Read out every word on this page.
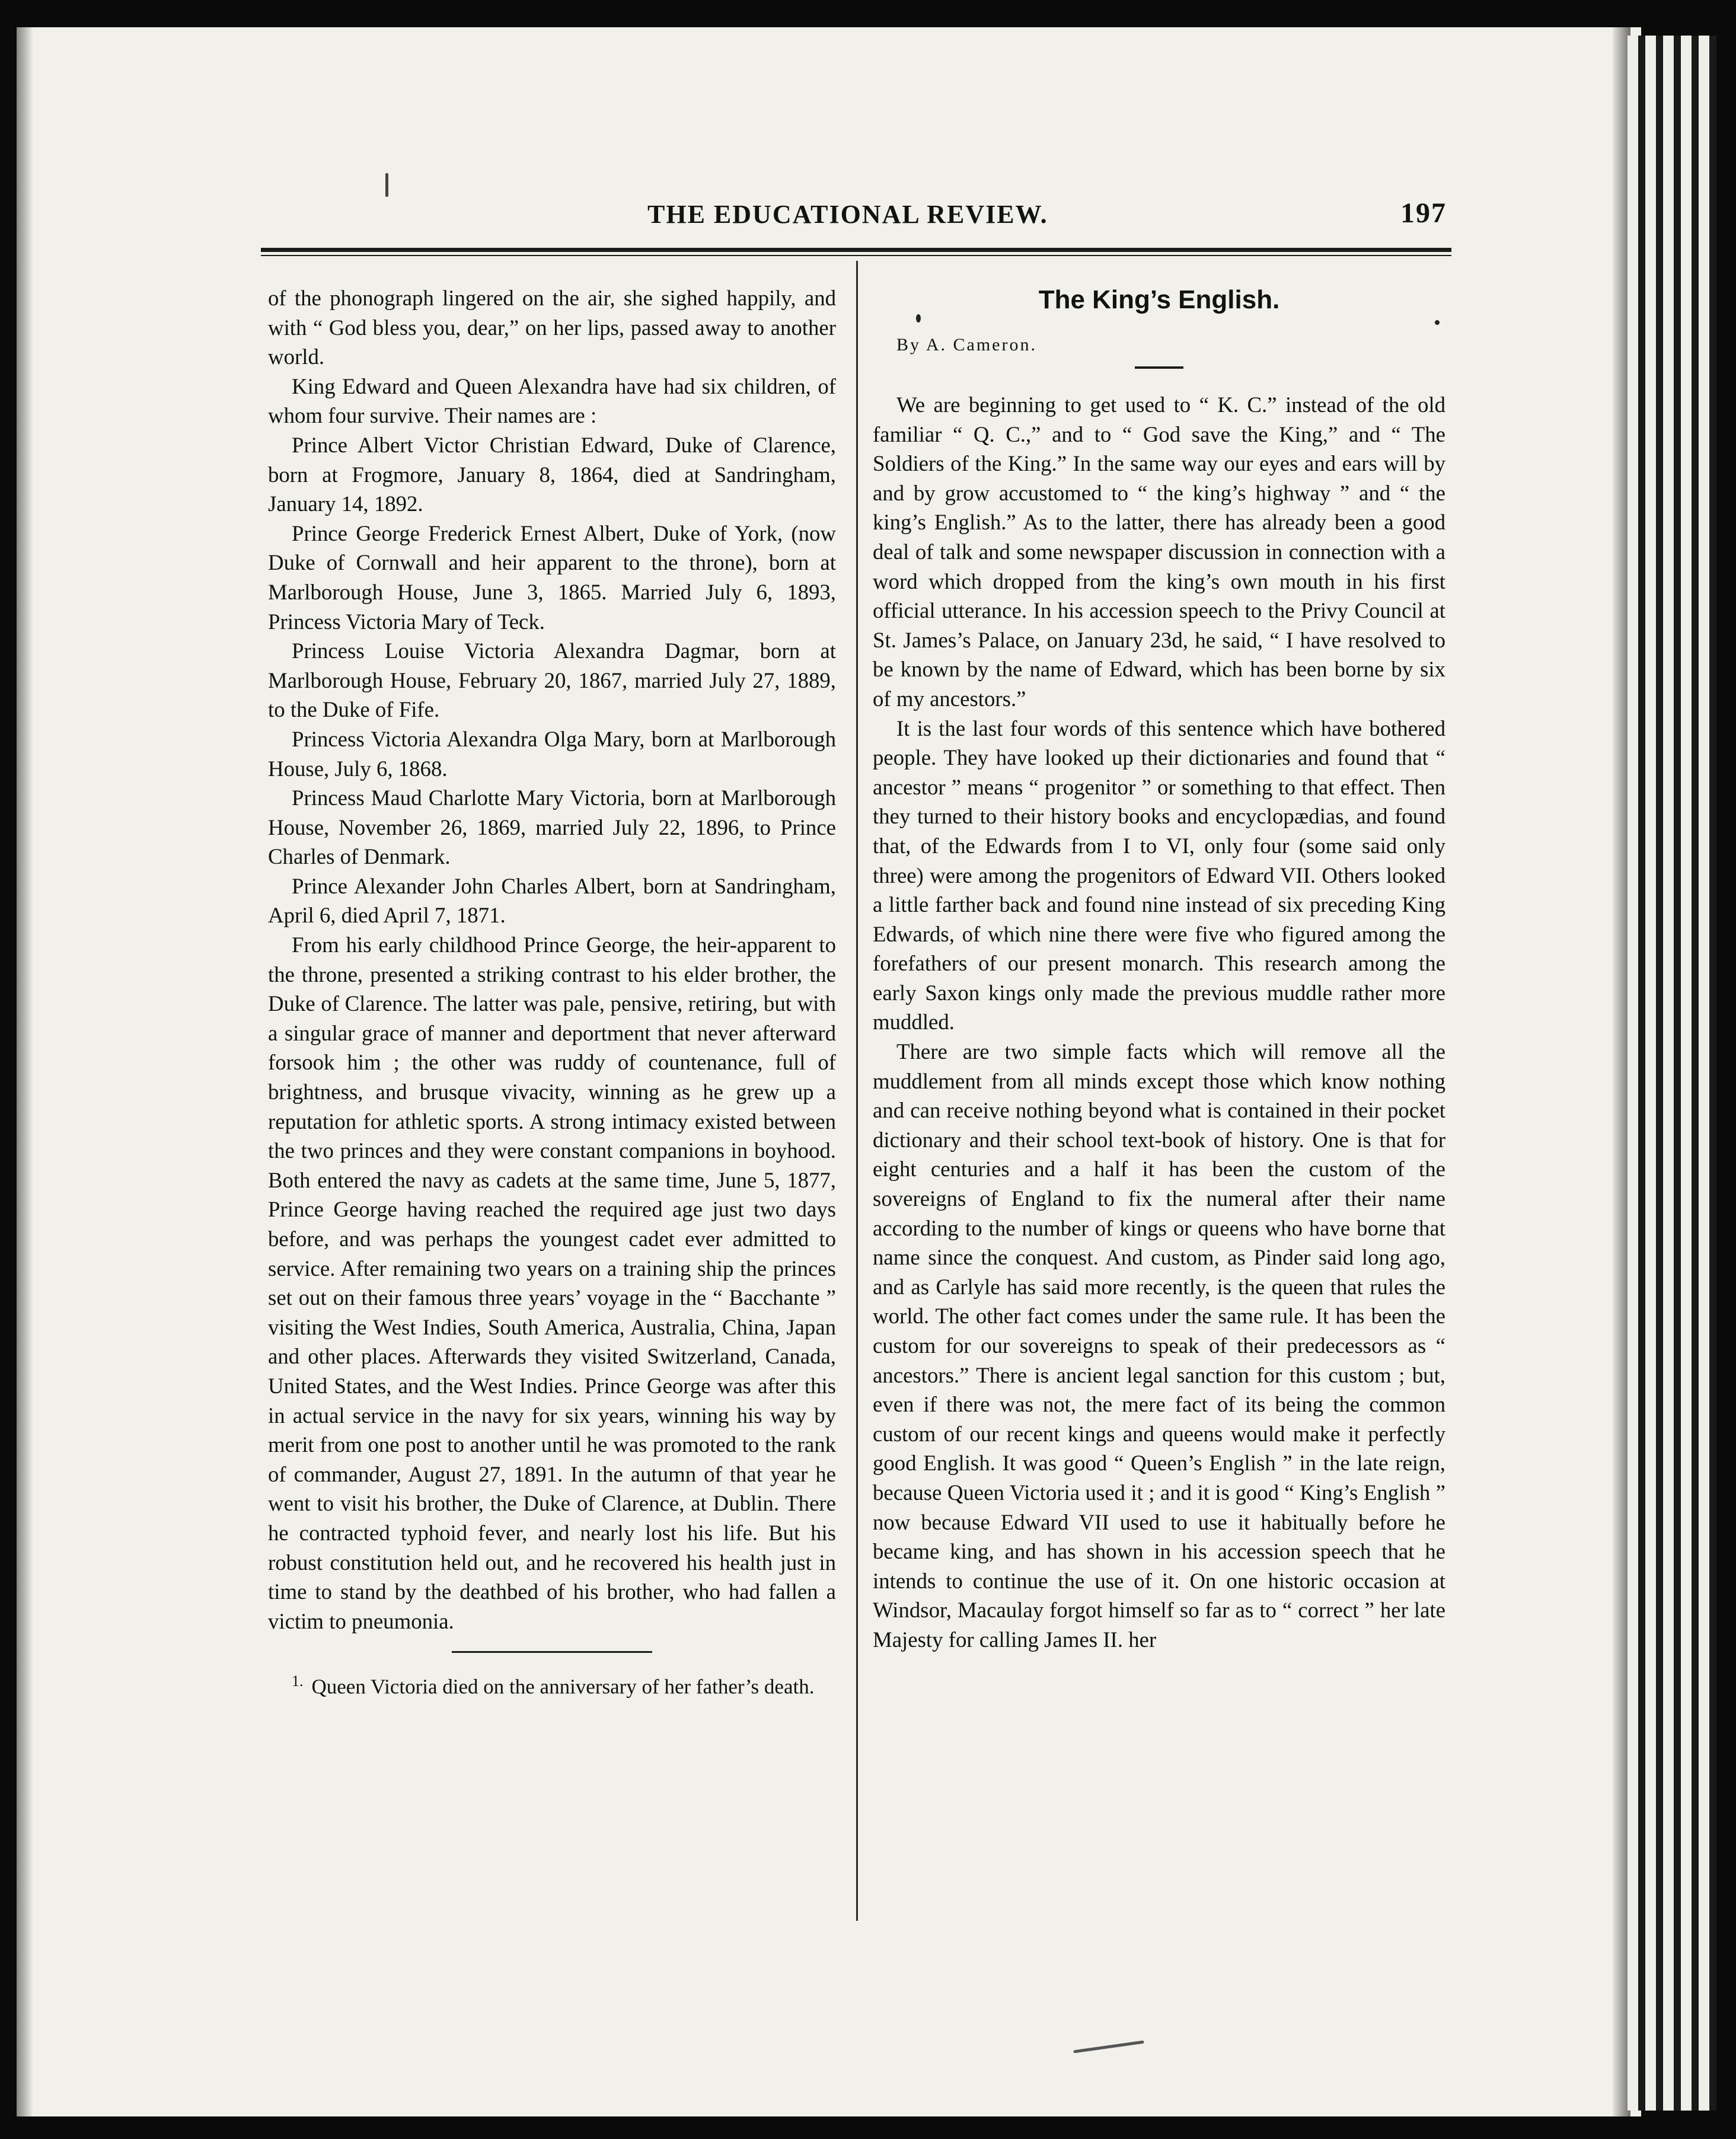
THE EDUCATIONAL REVIEW.	197

of the phonograph lingered on the air, she sighed happily, and with “ God bless you, dear,” on her lips, passed away to another world.

King Edward and Queen Alexandra have had six children, of whom four survive. Their names are :

Prince Albert Victor Christian Edward, Duke of Clarence, born at Frogmore, January 8, 1864, died at Sandringham, January 14, 1892.

Prince George Frederick Ernest Albert, Duke of York, (now Duke of Cornwall and heir apparent to the throne), born at Marlborough House, June 3, 1865. Married July 6, 1893, Princess Victoria Mary of Teck.

Princess Louise Victoria Alexandra Dagmar, born at Marlborough House, February 20, 1867, married July 27, 1889, to the Duke of Fife.

Princess Victoria Alexandra Olga Mary, born at Marlborough House, July 6, 1868.

Princess Maud Charlotte Mary Victoria, born at Marlborough House, November 26, 1869, married July 22, 1896, to Prince Charles of Denmark.

Prince Alexander John Charles Albert, born at Sandringham, April 6, died April 7, 1871.

From his early childhood Prince George, the heir-apparent to the throne, presented a striking contrast to his elder brother, the Duke of Clarence. The latter was pale, pensive, retiring, but with a singular grace of manner and deportment that never afterward forsook him ; the other was ruddy of countenance, full of brightness, and brusque vivacity, winning as he grew up a reputation for athletic sports. A strong intimacy existed between the two princes and they were constant companions in boyhood. Both entered the navy as cadets at the same time, June 5, 1877, Prince George having reached the required age just two days before, and was perhaps the youngest cadet ever admitted to service. After remaining two years on a training ship the princes set out on their famous three years’ voyage in the “ Bacchante ” visiting the West Indies, South America, Australia, China, Japan and other places. Afterwards they visited Switzerland, Canada, United States, and the West Indies. Prince George was after this in actual service in the navy for six years, winning his way by merit from one post to another until he was promoted to the rank of commander, August 27, 1891. In the autumn of that year he went to visit his brother, the Duke of Clarence, at Dublin. There he contracted typhoid fever, and nearly lost his life. But his robust constitution held out, and he recovered his health just in time to stand by the deathbed of his brother, who had fallen a victim to pneumonia.

$^{1.}$ Queen Victoria died on the anniversary of her father’s death.

The King’s English.

By A. Cameron.

We are beginning to get used to “ K. C.” instead of the old familiar “ Q. C.,” and to “ God save the King,” and “ The Soldiers of the King.” In the same way our eyes and ears will by and by grow accustomed to “ the king’s highway ” and “ the king’s English.” As to the latter, there has already been a good deal of talk and some newspaper discussion in connection with a word which dropped from the king’s own mouth in his first official utterance. In his accession speech to the Privy Council at St. James’s Palace, on January 23d, he said, “ I have resolved to be known by the name of Edward, which has been borne by six of my ancestors.”

It is the last four words of this sentence which have bothered people. They have looked up their dictionaries and found that “ ancestor ” means “ progenitor ” or something to that effect. Then they turned to their history books and encyclopædias, and found that, of the Edwards from I to VI, only four (some said only three) were among the progenitors of Edward VII. Others looked a little farther back and found nine instead of six preceding King Edwards, of which nine there were five who figured among the forefathers of our present monarch. This research among the early Saxon kings only made the previous muddle rather more muddled.

There are two simple facts which will remove all the muddlement from all minds except those which know nothing and can receive nothing beyond what is contained in their pocket dictionary and their school text-book of history. One is that for eight centuries and a half it has been the custom of the sovereigns of England to fix the numeral after their name according to the number of kings or queens who have borne that name since the conquest. And custom, as Pinder said long ago, and as Carlyle has said more recently, is the queen that rules the world. The other fact comes under the same rule. It has been the custom for our sovereigns to speak of their predecessors as “ ancestors.” There is ancient legal sanction for this custom ; but, even if there was not, the mere fact of its being the common custom of our recent kings and queens would make it perfectly good English. It was good “ Queen’s English ” in the late reign, because Queen Victoria used it ; and it is good “ King’s English ” now because Edward VII used to use it habitually before he became king, and has shown in his accession speech that he intends to continue the use of it. On one historic occasion at Windsor, Macaulay forgot himself so far as to “ correct ” her late Majesty for calling James II. her
